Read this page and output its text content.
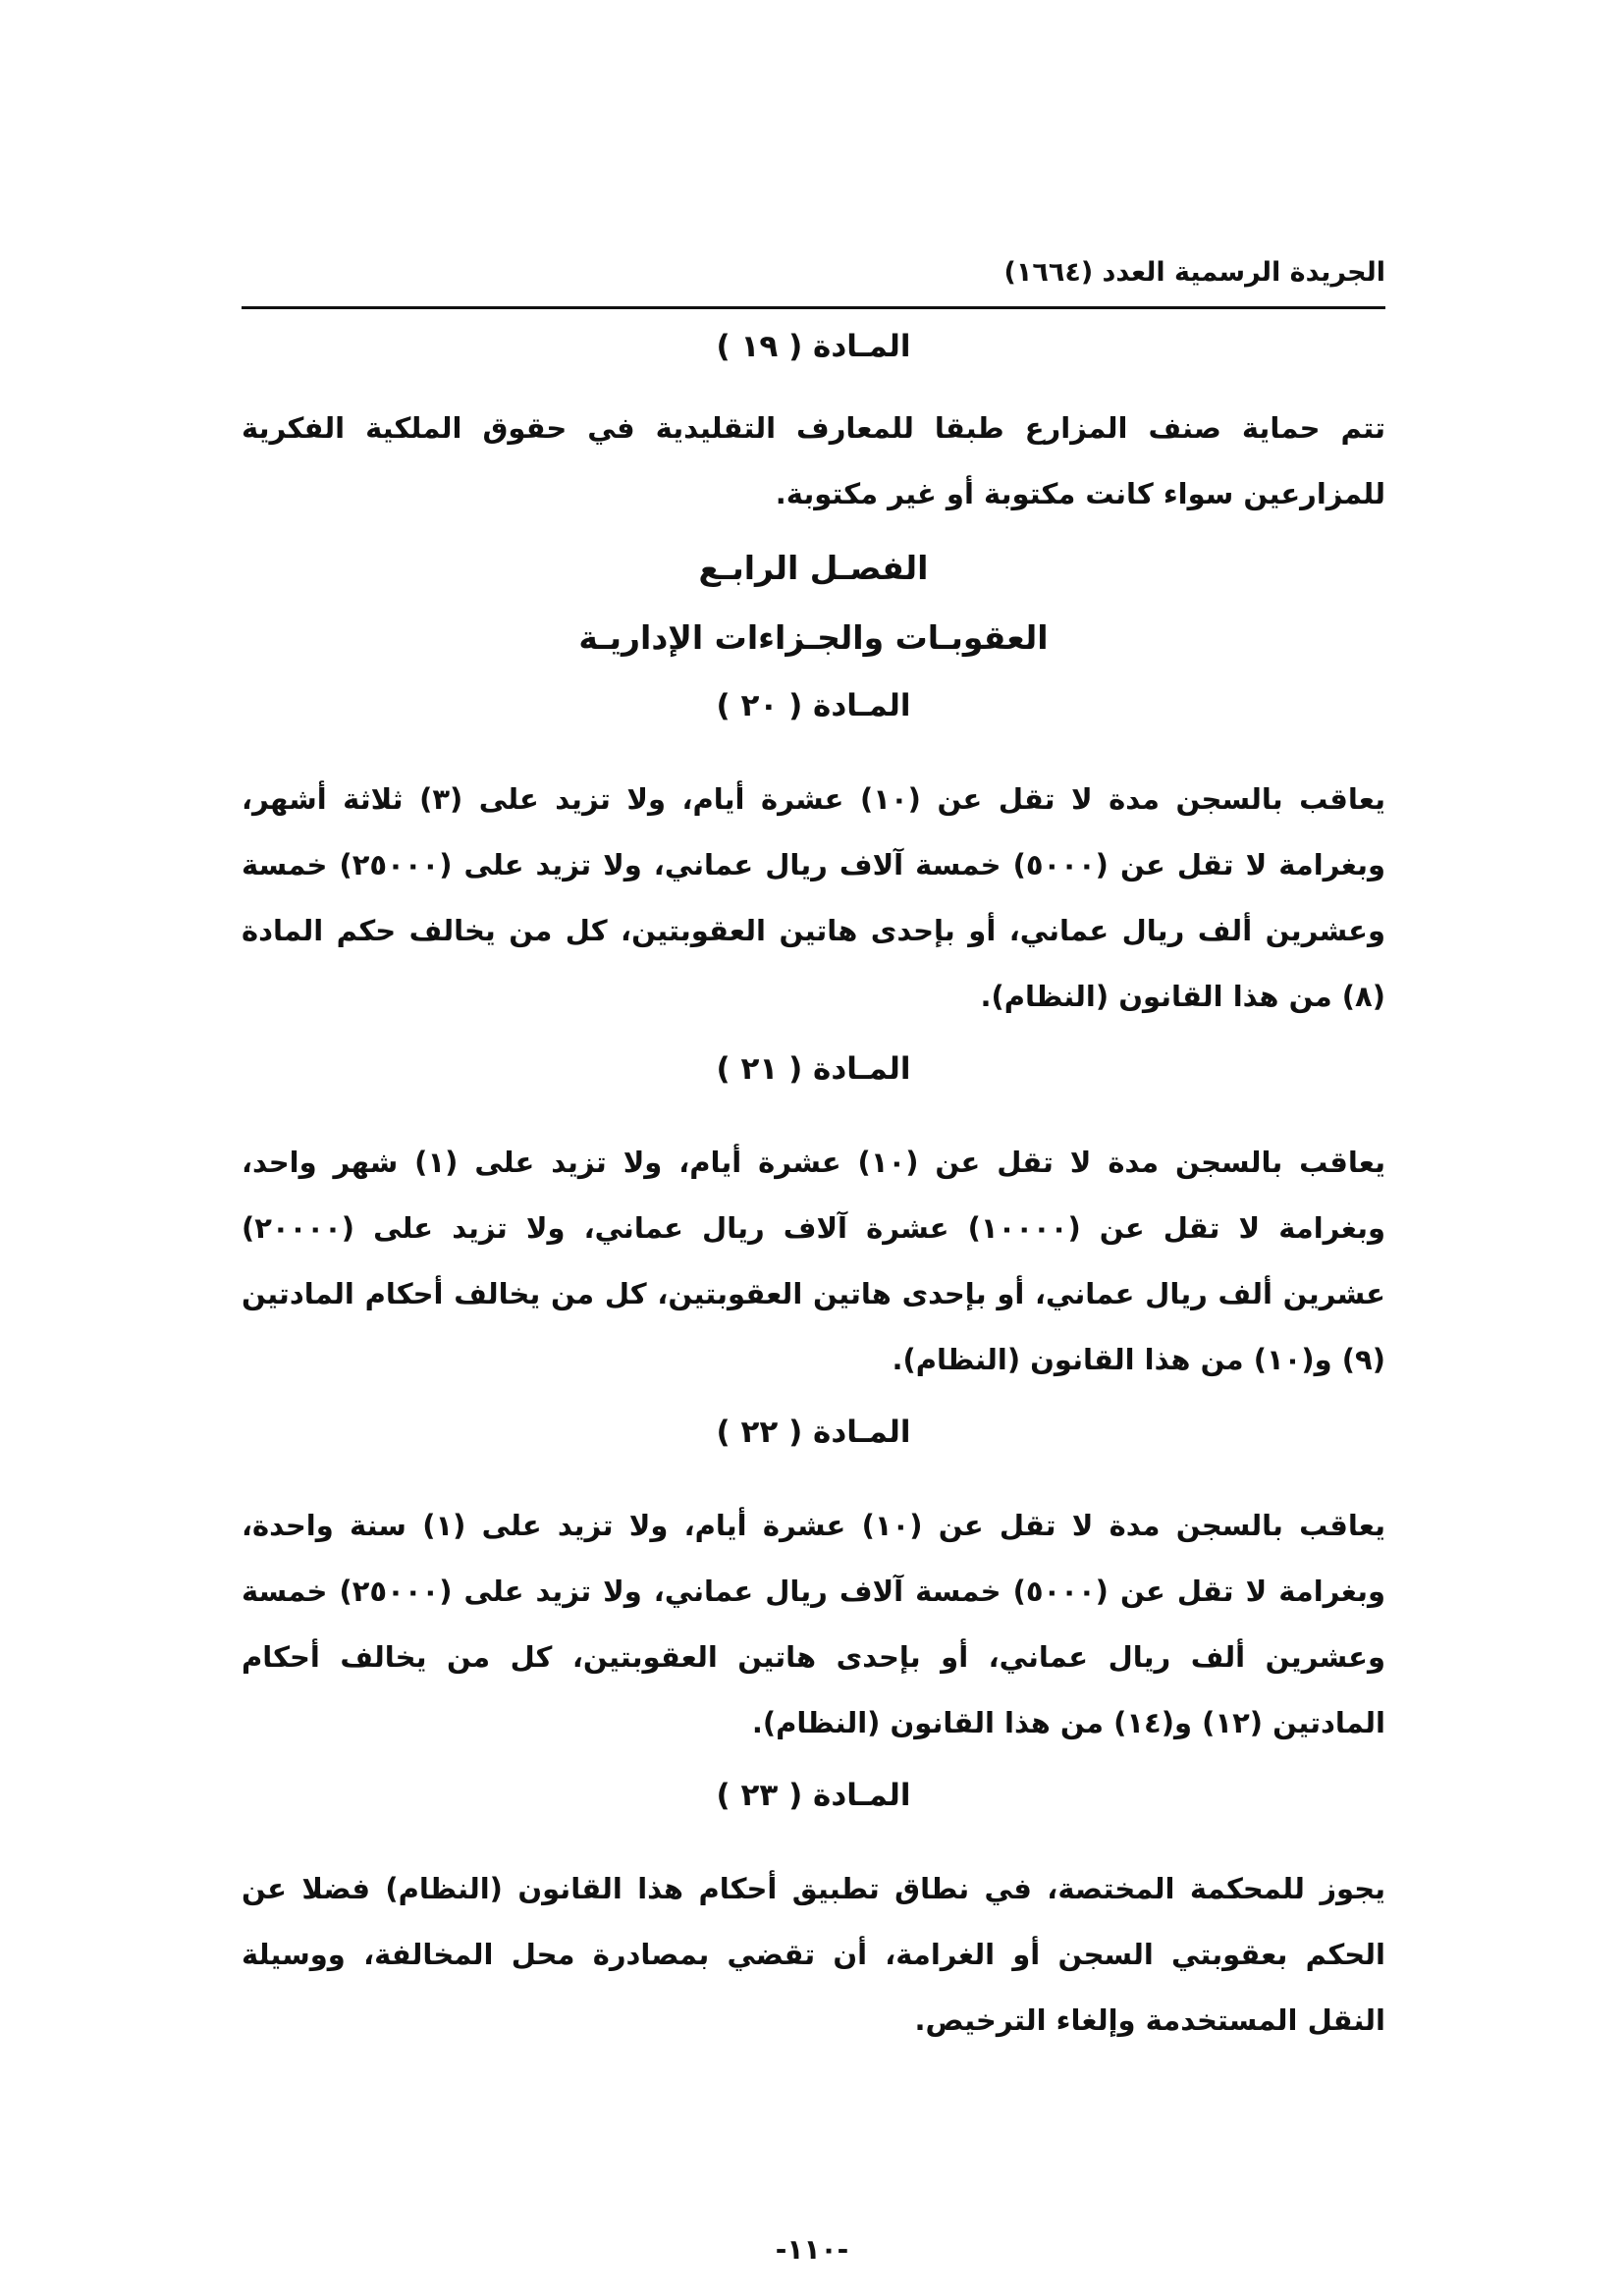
الجريدة الرسمية العدد (١٦٦٤)
المـادة ( ١٩ )

تتم حماية صنف المزارع طبقا للمعارف التقليدية في حقوق الملكية الفكرية للمزارعين سواء كانت مكتوبة أو غير مكتوبة.

الفصـل الرابـع
العقوبـات والجـزاءات الإداريـة
المـادة ( ٢٠ )

يعاقب بالسجن مدة لا تقل عن (١٠) عشرة أيام، ولا تزيد على (٣) ثلاثة أشهر، وبغرامة لا تقل عن (٥٠٠٠) خمسة آلاف ريال عماني، ولا تزيد على (٢٥٠٠٠) خمسة وعشرين ألف ريال عماني، أو بإحدى هاتين العقوبتين، كل من يخالف حكم المادة (٨) من هذا القانون (النظام).

المـادة ( ٢١ )

يعاقب بالسجن مدة لا تقل عن (١٠) عشرة أيام، ولا تزيد على (١) شهر واحد، وبغرامة لا تقل عن (١٠٠٠٠) عشرة آلاف ريال عماني، ولا تزيد على (٢٠٠٠٠) عشرين ألف ريال عماني، أو بإحدى هاتين العقوبتين، كل من يخالف أحكام المادتين (٩) و(١٠) من هذا القانون (النظام).

المـادة ( ٢٢ )

يعاقب بالسجن مدة لا تقل عن (١٠) عشرة أيام، ولا تزيد على (١) سنة واحدة، وبغرامة لا تقل عن (٥٠٠٠) خمسة آلاف ريال عماني، ولا تزيد على (٢٥٠٠٠) خمسة وعشرين ألف ريال عماني، أو بإحدى هاتين العقوبتين، كل من يخالف أحكام المادتين (١٢) و(١٤) من هذا القانون (النظام).

المـادة ( ٢٣ )

يجوز للمحكمة المختصة، في نطاق تطبيق أحكام هذا القانون (النظام) فضلا عن الحكم بعقوبتي السجن أو الغرامة، أن تقضي بمصادرة محل المخالفة، ووسيلة النقل المستخدمة وإلغاء الترخيص.

-١١٠-
